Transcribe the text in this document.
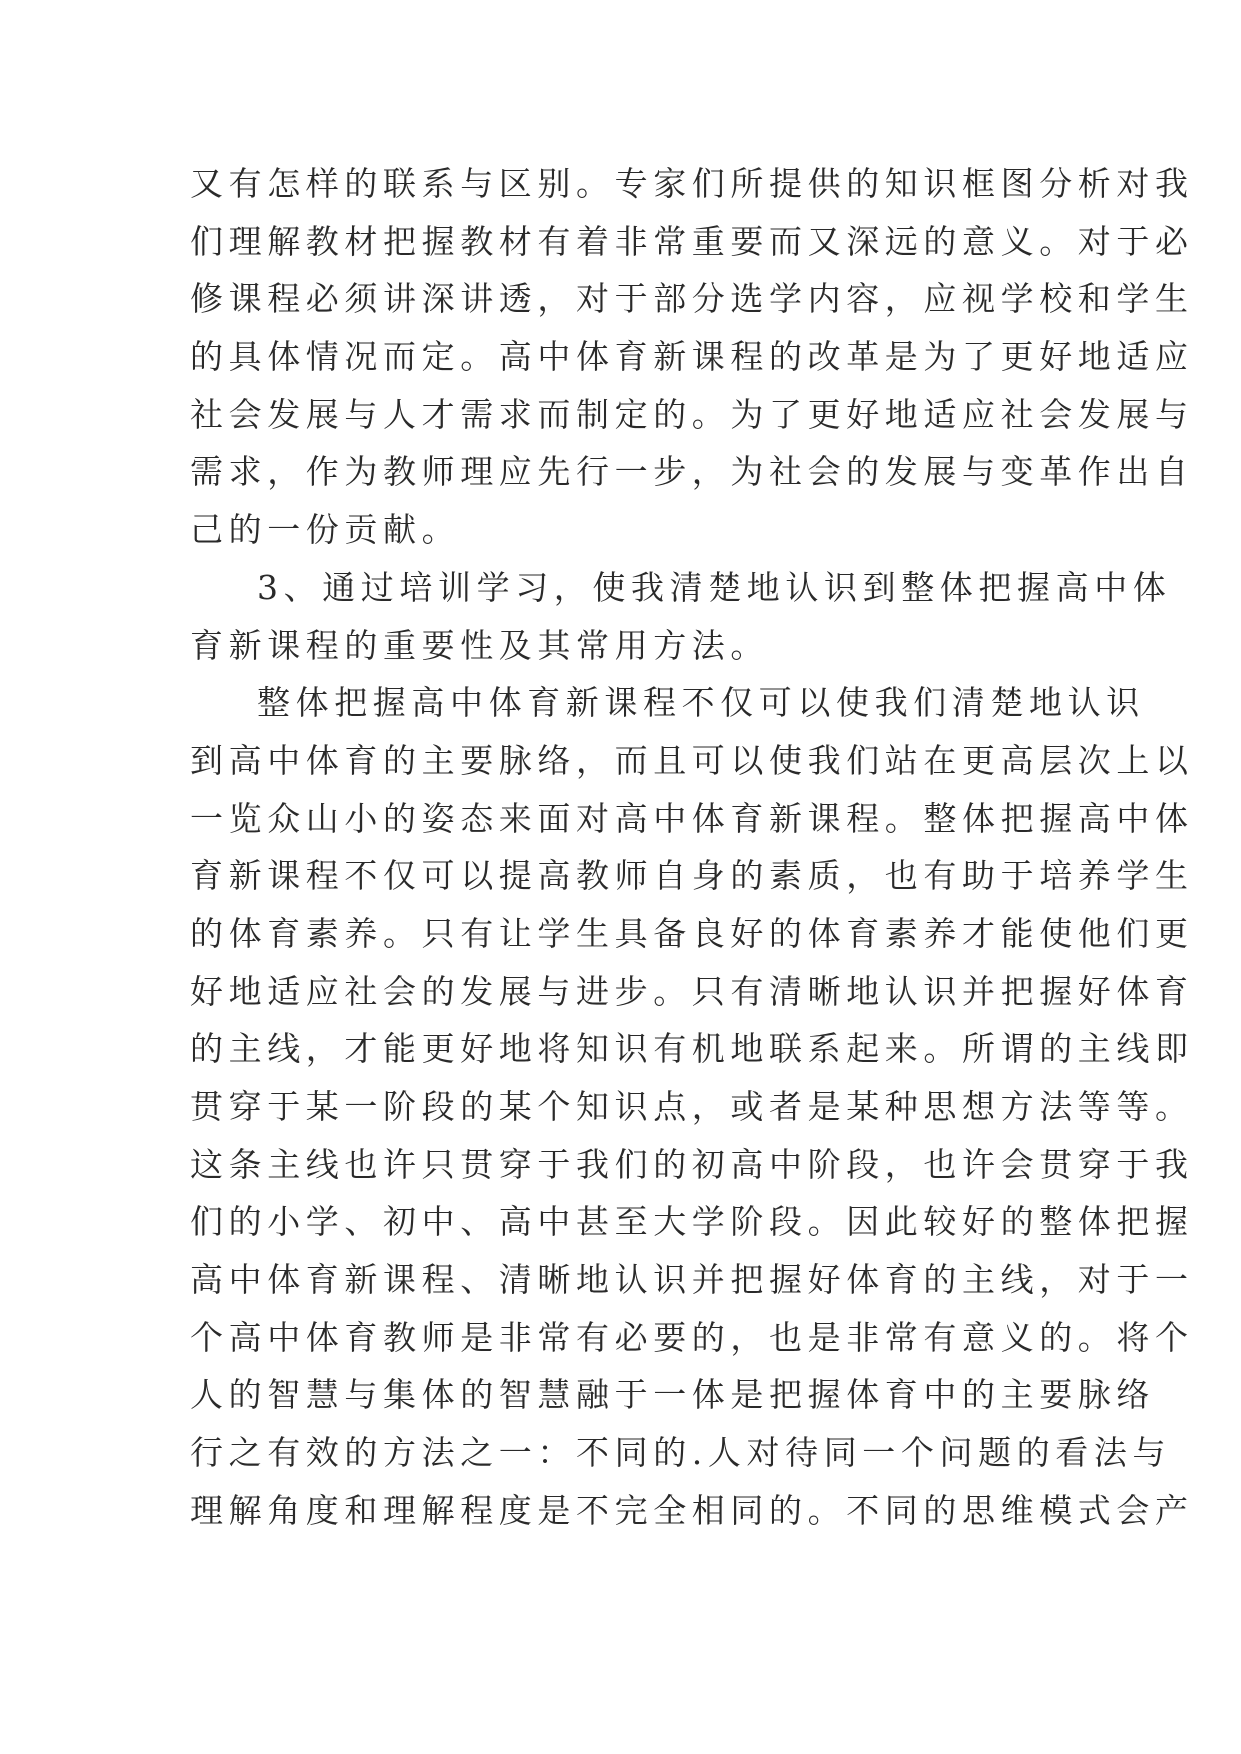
又有怎样的联系与区别。专家们所提供的知识框图分析对我
们理解教材把握教材有着非常重要而又深远的意义。对于必
修课程必须讲深讲透，对于部分选学内容，应视学校和学生
的具体情况而定。高中体育新课程的改革是为了更好地适应
社会发展与人才需求而制定的。为了更好地适应社会发展与
需求，作为教师理应先行一步，为社会的发展与变革作出自
己的一份贡献。
3、通过培训学习，使我清楚地认识到整体把握高中体
育新课程的重要性及其常用方法。
整体把握高中体育新课程不仅可以使我们清楚地认识
到高中体育的主要脉络，而且可以使我们站在更高层次上以
一览众山小的姿态来面对高中体育新课程。整体把握高中体
育新课程不仅可以提高教师自身的素质，也有助于培养学生
的体育素养。只有让学生具备良好的体育素养才能使他们更
好地适应社会的发展与进步。只有清晰地认识并把握好体育
的主线，才能更好地将知识有机地联系起来。所谓的主线即
贯穿于某一阶段的某个知识点，或者是某种思想方法等等。
这条主线也许只贯穿于我们的初高中阶段，也许会贯穿于我
们的小学、初中、高中甚至大学阶段。因此较好的整体把握
高中体育新课程、清晰地认识并把握好体育的主线，对于一
个高中体育教师是非常有必要的，也是非常有意义的。将个
人的智慧与集体的智慧融于一体是把握体育中的主要脉络
行之有效的方法之一：不同的.人对待同一个问题的看法与
理解角度和理解程度是不完全相同的。不同的思维模式会产
